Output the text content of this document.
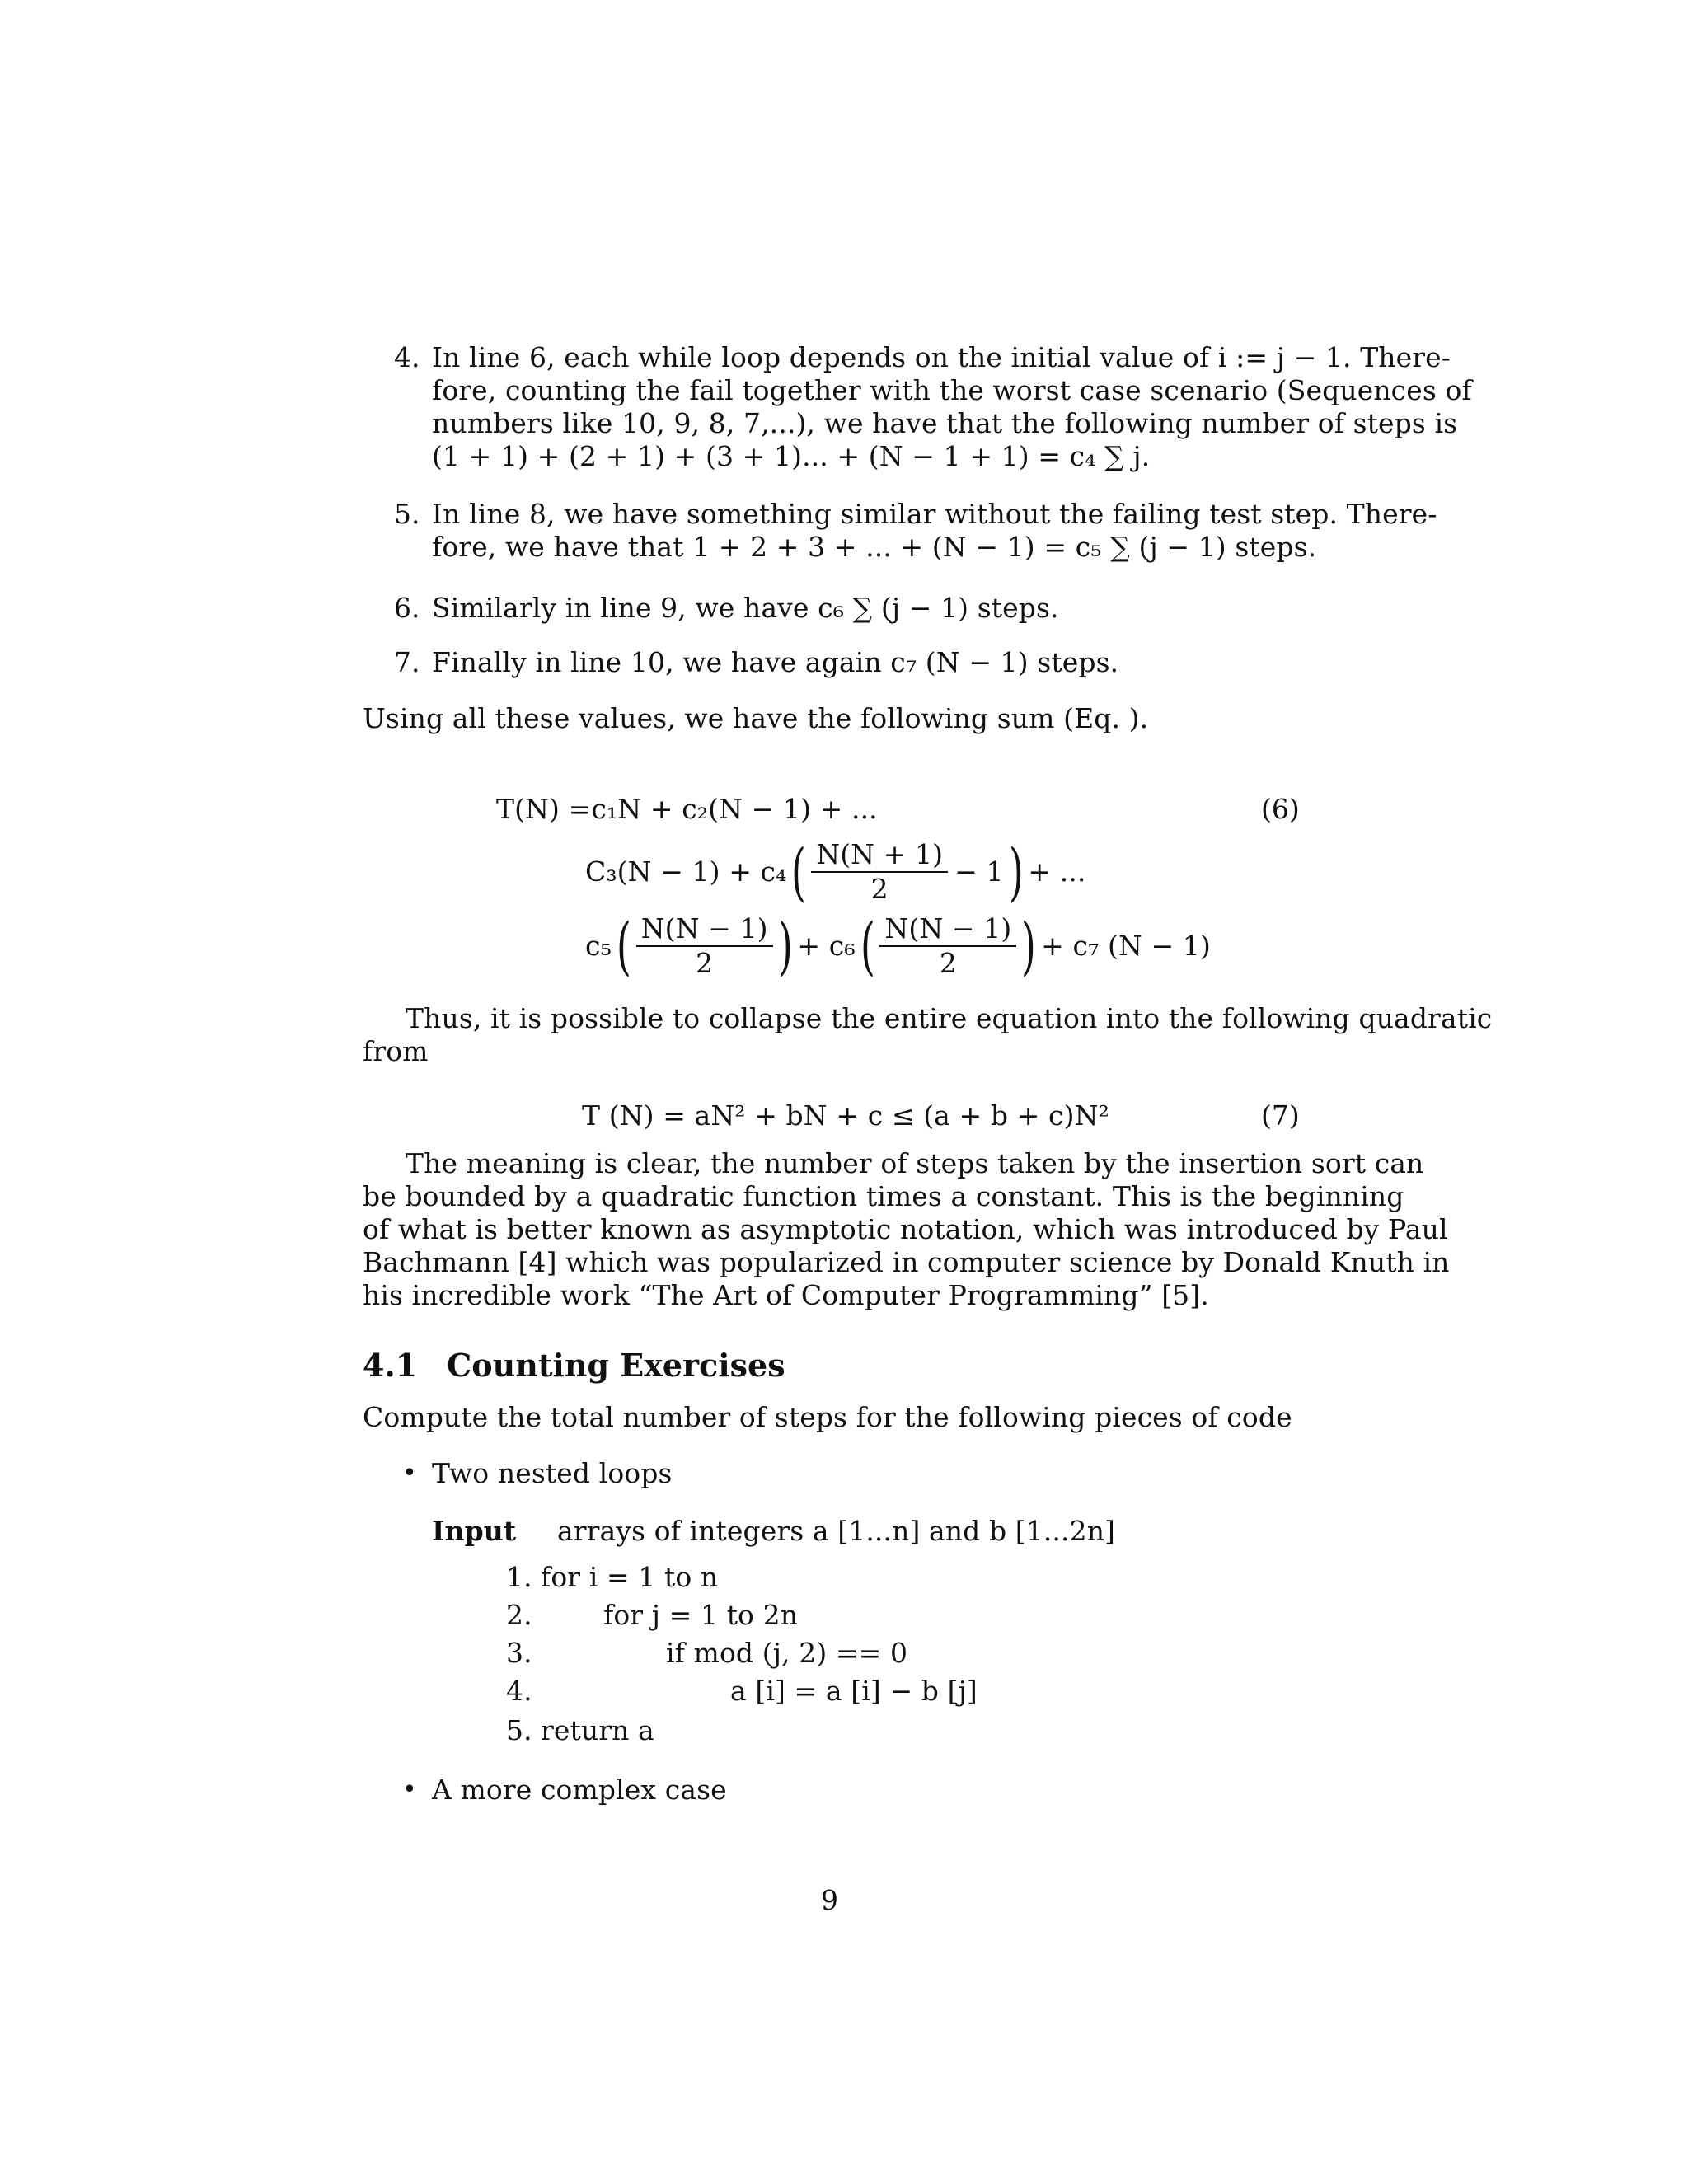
4. In line 6, each while loop depends on the initial value of i := j − 1. There-
fore, counting the fail together with the worst case scenario (Sequences of
numbers like 10, 9, 8, 7,...), we have that the following number of steps is
(1 + 1) + (2 + 1) + (3 + 1)... + (N − 1 + 1) = c₄ ∑ j.
5. In line 8, we have something similar without the failing test step. There-
fore, we have that 1 + 2 + 3 + ... + (N − 1) = c₅ ∑ (j − 1) steps.
6. Similarly in line 9, we have c₆ ∑ (j − 1) steps.
7. Finally in line 10, we have again c₇ (N − 1) steps.
Using all these values, we have the following sum (Eq. ).
T(N) =c₁N + c₂(N − 1) + ...	(6)
C₃(N − 1) + c₄ ( $\frac{N(N + 1)}{2} - 1$ ) + ...
c₅ ( $\frac{N(N - 1)}{2}$ ) + c₆ ( $\frac{N(N - 1)}{2}$ ) + c₇ (N − 1)
Thus, it is possible to collapse the entire equation into the following quadratic
from
T (N) = aN² + bN + c ≤ (a + b + c)N²	(7)
The meaning is clear, the number of steps taken by the insertion sort can
be bounded by a quadratic function times a constant. This is the beginning
of what is better known as asymptotic notation, which was introduced by Paul
Bachmann [4] which was popularized in computer science by Donald Knuth in
his incredible work “The Art of Computer Programming” [5].
4.1 Counting Exercises
Compute the total number of steps for the following pieces of code
• Two nested loops
Input arrays of integers a [1...n] and b [1...2n]
1. for i = 1 to n
2.	for j = 1 to 2n
3.	if mod (j, 2) == 0
4.	a [i] = a [i] − b [j]
5. return a
• A more complex case
9
